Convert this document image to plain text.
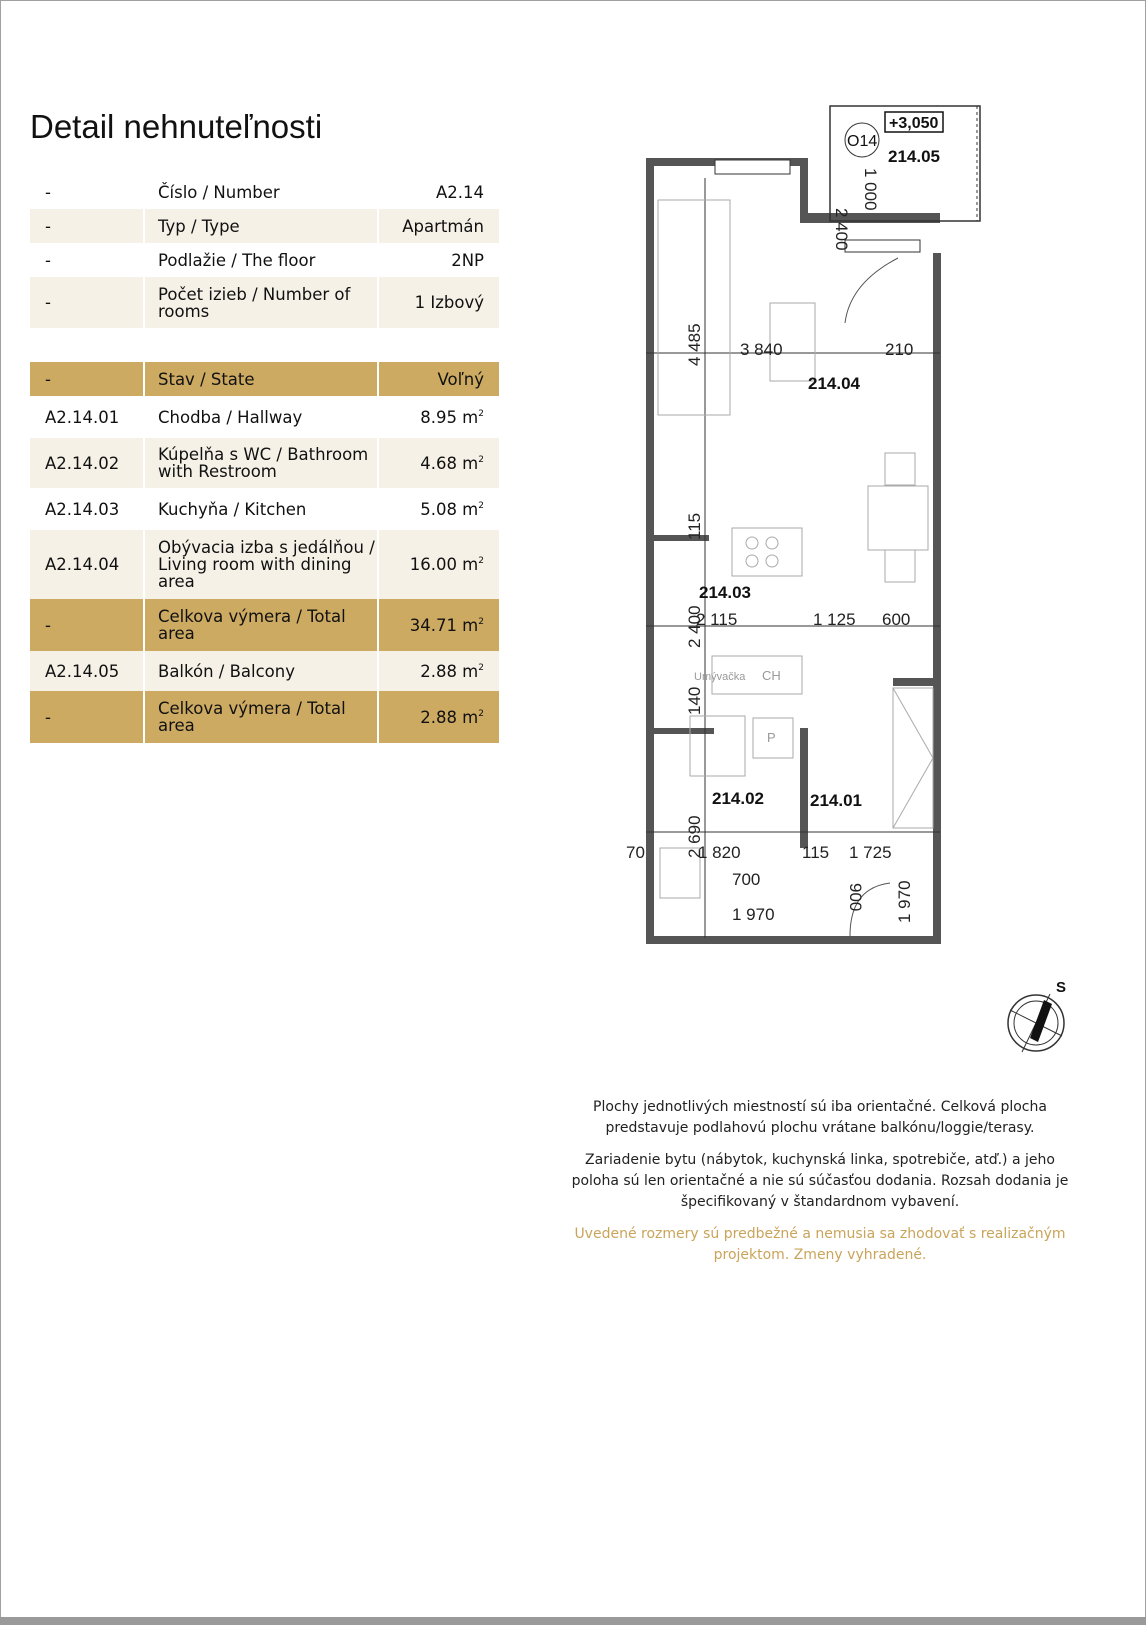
Detail nehnuteľnosti
-	Číslo / Number	A2.14
-	Typ / Type	Apartmán
-	Podlažie / The floor	2NP
-	Počet izieb / Number of rooms	1 Izbový

-	Stav / State	Voľný
A2.14.01	Chodba / Hallway	8.95 $m^2$
A2.14.02	Kúpelňa s WC / Bathroom with Restroom	4.68 $m^2$
A2.14.03	Kuchyňa / Kitchen	5.08 $m^2$
A2.14.04	Obývacia izba s jedálňou / Living room with dining area	16.00 $m^2$
-	Celkova výmera / Total area	34.71 $m^2$
A2.14.05	Balkón / Balcony	2.88 $m^2$
-	Celkova výmera / Total area	2.88 $m^2$
214.05
214.04
214.03
214.02	214.01
+3,050
O14
3 840	210
2 115	1 125 600
1 820	115 1 725
70
700
1 970
4 485
115
2 400
140
2 690
2 400
1 000
900 1 970
Umývačka CH
P
S

Plochy jednotlivých miestností sú iba orientačné. Celková plocha predstavuje podlahovú plochu vrátane balkónu/loggie/terasy.

Zariadenie bytu (nábytok, kuchynská linka, spotrebiče, atď.) a jeho poloha sú len orientačné a nie sú súčasťou dodania. Rozsah dodania je špecifikovaný v štandardnom vybavení.

Uvedené rozmery sú predbežné a nemusia sa zhodovať s realizačným projektom. Zmeny vyhradené.
